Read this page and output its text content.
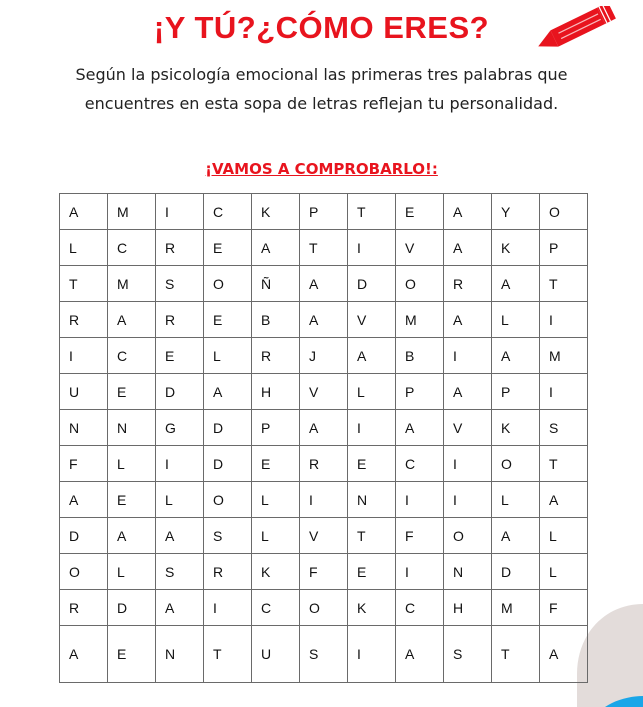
¡Y TÚ?¿CÓMO ERES?
Según la psicología emocional las primeras tres palabras que
encuentres en esta sopa de letras reflejan tu personalidad.
¡VAMOS A COMPROBARLO!:
A	M	I	C	K	P	T	E	A	Y	O
L	C	R	E	A	T	I	V	A	K	P
T	M	S	O	Ñ	A	D	O	R	A	T
R	A	R	E	B	A	V	M	A	L	I
I	C	E	L	R	J	A	B	I	A	M
U	E	D	A	H	V	L	P	A	P	I
N	N	G	D	P	A	I	A	V	K	S
F	L	I	D	E	R	E	C	I	O	T
A	E	L	O	L	I	N	I	I	L	A
D	A	A	S	L	V	T	F	O	A	L
O	L	S	R	K	F	E	I	N	D	L
R	D	A	I	C	O	K	C	H	M	F
A	E	N	T	U	S	I	A	S	T	A
